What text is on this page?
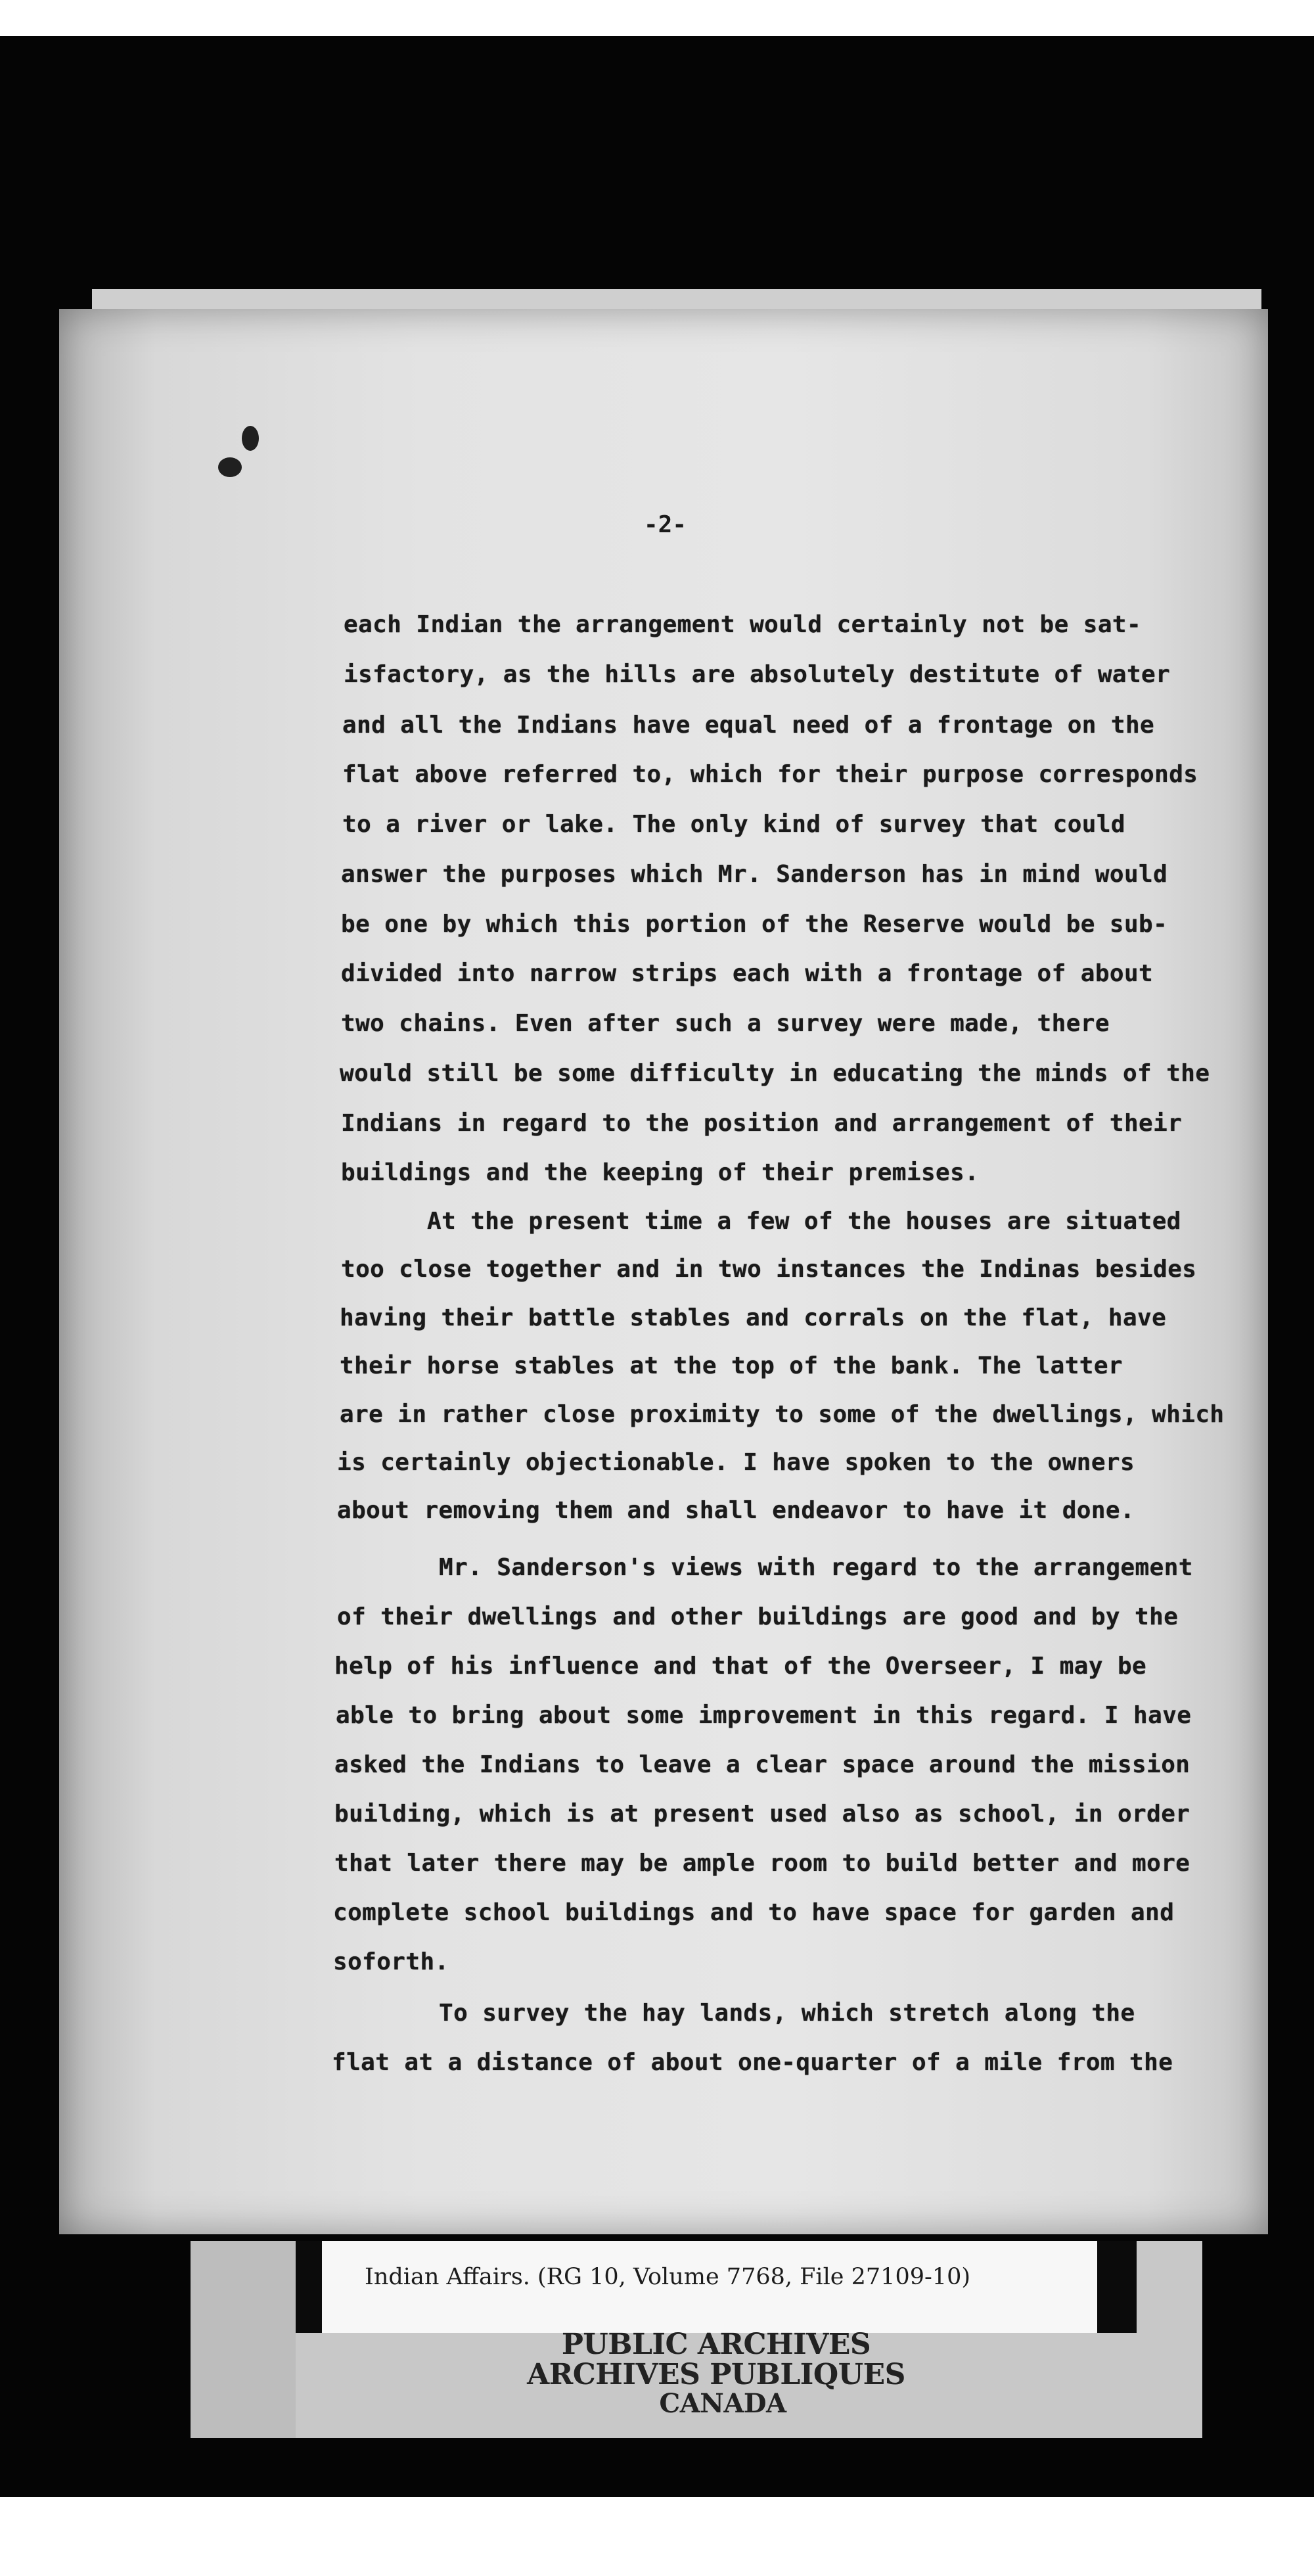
-2-
each Indian the arrangement would certainly not be sat-
isfactory, as the hills are absolutely destitute of water
and all the Indians have equal need of a frontage on the
flat above referred to, which for their purpose corresponds
to a river or lake. The only kind of survey that could
answer the purposes which Mr. Sanderson has in mind would
be one by which this portion of the Reserve would be sub-
divided into narrow strips each with a frontage of about
two chains. Even after such a survey were made, there
would still be some difficulty in educating the minds of the
Indians in regard to the position and arrangement of their
buildings and the keeping of their premises.
At the present time a few of the houses are situated
too close together and in two instances the Indinas besides
having their battle stables and corrals on the flat, have
their horse stables at the top of the bank. The latter
are in rather close proximity to some of the dwellings, which
is certainly objectionable. I have spoken to the owners
about removing them and shall endeavor to have it done.
Mr. Sanderson's views with regard to the arrangement
of their dwellings and other buildings are good and by the
help of his influence and that of the Overseer, I may be
able to bring about some improvement in this regard. I have
asked the Indians to leave a clear space around the mission
building, which is at present used also as school, in order
that later there may be ample room to build better and more
complete school buildings and to have space for garden and
soforth.
To survey the hay lands, which stretch along the
flat at a distance of about one-quarter of a mile from the
Indian Affairs. (RG 10, Volume 7768, File 27109-10)
PUBLIC ARCHIVES
ARCHIVES PUBLIQUES
CANADA
